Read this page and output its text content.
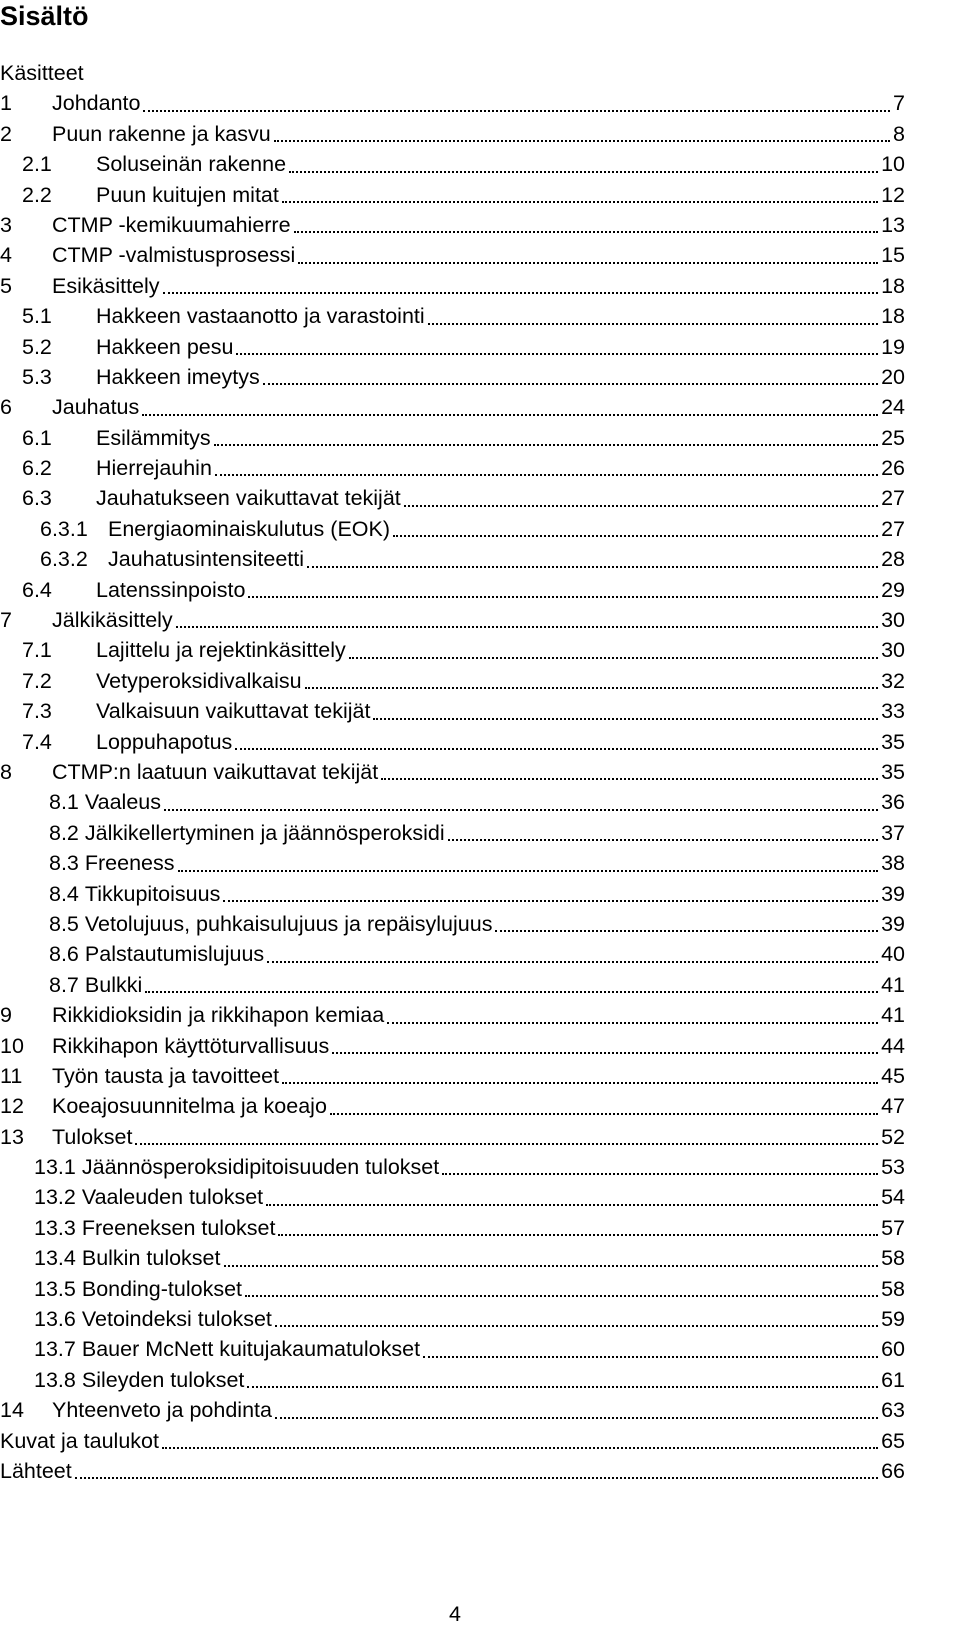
Sisältö
Käsitteet
1	Johdanto	7
2	Puun rakenne ja kasvu	8
2.1	Soluseinän rakenne	10
2.2	Puun kuitujen mitat	12
3	CTMP -kemikuumahierre	13
4	CTMP -valmistusprosessi	15
5	Esikäsittely	18
5.1	Hakkeen vastaanotto ja varastointi	18
5.2	Hakkeen pesu	19
5.3	Hakkeen imeytys	20
6	Jauhatus	24
6.1	Esilämmitys	25
6.2	Hierrejauhin	26
6.3	Jauhatukseen vaikuttavat tekijät	27
6.3.1 Energiaominaiskulutus (EOK)	27
6.3.2 Jauhatusintensiteetti	28
6.4	Latenssinpoisto	29
7	Jälkikäsittely	30
7.1	Lajittelu ja rejektinkäsittely	30
7.2	Vetyperoksidivalkaisu	32
7.3	Valkaisuun vaikuttavat tekijät	33
7.4	Loppuhapotus	35
8	CTMP:n laatuun vaikuttavat tekijät	35
8.1 Vaaleus	36
8.2 Jälkikellertyminen ja jäännösperoksidi	37
8.3 Freeness	38
8.4 Tikkupitoisuus	39
8.5 Vetolujuus, puhkaisulujuus ja repäisylujuus	39
8.6 Palstautumislujuus	40
8.7 Bulkki	41
9	Rikkidioksidin ja rikkihapon kemiaa	41
10	Rikkihapon käyttöturvallisuus	44
11	Työn tausta ja tavoitteet	45
12	Koeajosuunnitelma ja koeajo	47
13	Tulokset	52
13.1 Jäännösperoksidipitoisuuden tulokset	53
13.2 Vaaleuden tulokset	54
13.3 Freeneksen tulokset	57
13.4 Bulkin tulokset	58
13.5 Bonding-tulokset	58
13.6 Vetoindeksi tulokset	59
13.7 Bauer McNett kuitujakaumatulokset	60
13.8 Sileyden tulokset	61
14	Yhteenveto ja pohdinta	63
Kuvat ja taulukot	65
Lähteet	66
4
